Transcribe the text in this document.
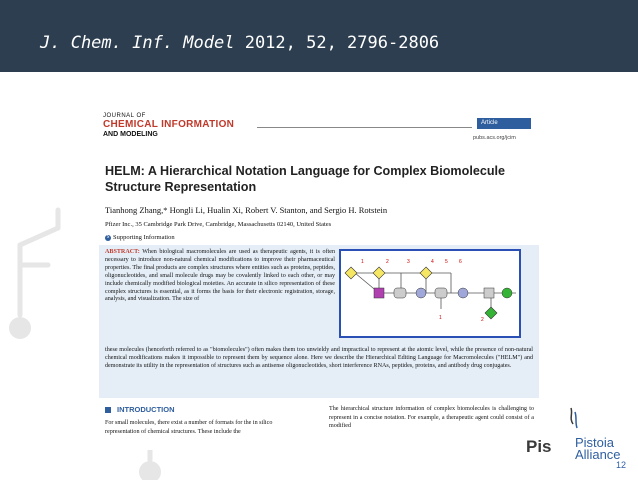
J. Chem. Inf. Model 2012, 52, 2796-2806
JOURNAL OF
CHEMICAL INFORMATION
AND MODELING
Article
pubs.acs.org/jcim
HELM: A Hierarchical Notation Language for Complex Biomolecule Structure Representation
Tianhong Zhang,* Hongli Li, Hualin Xi, Robert V. Stanton, and Sergio H. Rotstein
Pfizer Inc., 35 Cambridge Park Drive, Cambridge, Massachusetts 02140, United States
S Supporting Information
ABSTRACT: When biological macromolecules are used as therapeutic agents, it is often necessary to introduce non-natural chemical modifications to improve their pharmaceutical properties. The final products are complex structures where entities such as proteins, peptides, oligonucleotides, and small molecule drugs may be covalently linked to each other, or may include chemically modified biological moieties. An accurate in silico representation of these complex structures is essential, as it forms the basis for their electronic registration, storage, analysis, and visualization. The size of
1	2	3	4 5 6
1	2
these molecules (henceforth referred to as "biomolecules") often makes them too unwieldy and impractical to represent at the atomic level, while the presence of non-natural chemical modifications makes it impossible to represent them by sequence alone. Here we describe the Hierarchical Editing Language for Macromolecules ("HELM") and demonstrate its utility in the representation of structures such as antisense oligonucleotides, short interference RNAs, peptides, proteins, and antibody drug conjugates.
INTRODUCTION
For small molecules, there exist a number of formats for the in silico representation of chemical structures. These include the
The hierarchical structure information of complex biomolecules is challenging to represent in a concise notation. For example, a therapeutic agent could consist of a modified
Pis Pistoia
Alliance
12
